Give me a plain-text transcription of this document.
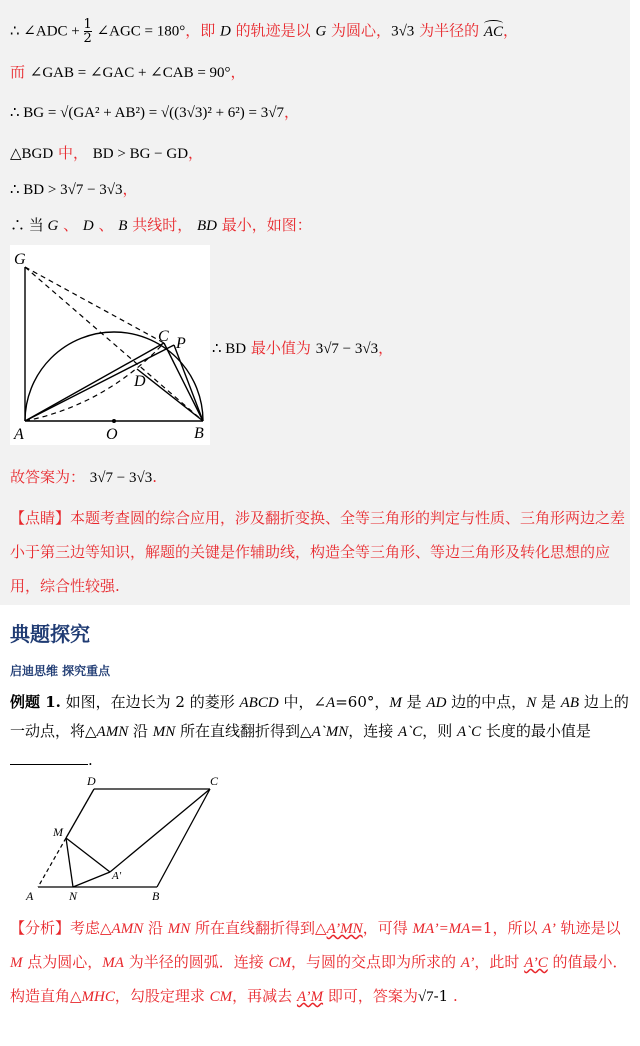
∴ ∠ADC + $\frac{1}{2}$ ∠AGC = 180°，即 D 的轨迹是以 G 为圆心，3√3 为半径的
AC，
而 ∠GAB = ∠GAC + ∠CAB = 90°，
∴ BG = √(GA² + AB²) = √((3√3)² + 6²) = 3√7，
△BGD 中， BD > BG − GD，
∴ BD > 3√7 − 3√3，
∴ 当 G 、 D 、 B 共线时， BD 最小，如图：
G
C P
D
A	O	B
∴ BD 最小值为 3√7 − 3√3，
故答案为： 3√7 − 3√3.
【点睛】本题考查圆的综合应用，涉及翻折变换、全等三角形的判定与性质、三角形两边之差小于第三边等知识，解题的关键是作辅助线，构造全等三角形、等边三角形及转化思想的应用，综合性较强.
典题探究
启迪思维 探究重点
例题 1. 如图，在边长为 2 的菱形 ABCD 中，∠A=60°，M 是 AD 边的中点，N 是 AB 边上的一动点，将△AMN 沿 MN 所在直线翻折得到△A`MN，连接 A`C，则 A`C 长度的最小值是
.
D	C
M
A'
A	N	B
【分析】考虑△AMN 沿 MN 所在直线翻折得到△A’MN，可得 MA’=MA=1，所以 A’ 轨迹是以 M 点为圆心，MA 为半径的圆弧．连接 CM，与圆的交点即为所求的 A’，此时 A’C 的值最小．构造直角△MHC，勾股定理求 CM，再减去 A’M 即可，答案为√7-1 .
